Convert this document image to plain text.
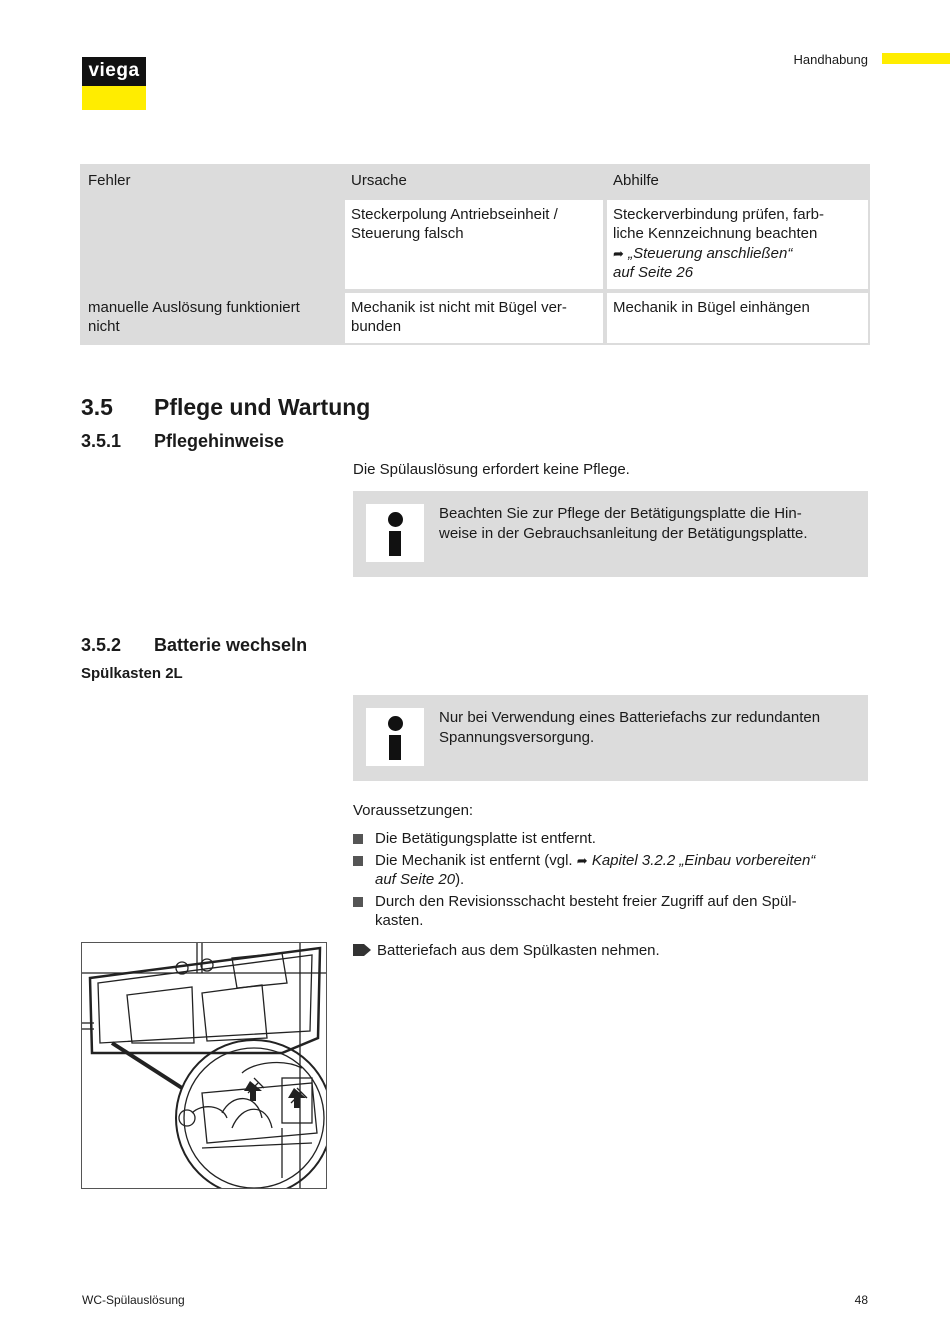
viega
Handhabung
Fehler	Ursache	Abhilfe
	Steckerpolung Antriebseinheit / Steuerung falsch	Steckerverbindung prüfen, farb-
liche Kennzeichnung beachten
➦ „Steuerung anschließen“
auf Seite 26
manuelle Auslösung funktioniert nicht	Mechanik ist nicht mit Bügel ver- bunden	Mechanik in Bügel einhängen
3.5 Pflege und Wartung
3.5.1 Pflegehinweise
Die Spülauslösung erfordert keine Pflege.
Beachten Sie zur Pflege der Betätigungsplatte die Hin-
weise in der Gebrauchsanleitung der Betätigungsplatte.
3.5.2 Batterie wechseln
Spülkasten 2L
Nur bei Verwendung eines Batteriefachs zur redundanten
Spannungsversorgung.
Voraussetzungen:
Die Betätigungsplatte ist entfernt.
Die Mechanik ist entfernt (vgl. ➦ Kapitel 3.2.2 „Einbau vorbereiten“
auf Seite 20).
Durch den Revisionsschacht besteht freier Zugriff auf den Spül-
kasten.
Batteriefach aus dem Spülkasten nehmen.
WC-Spülauslösung	48
